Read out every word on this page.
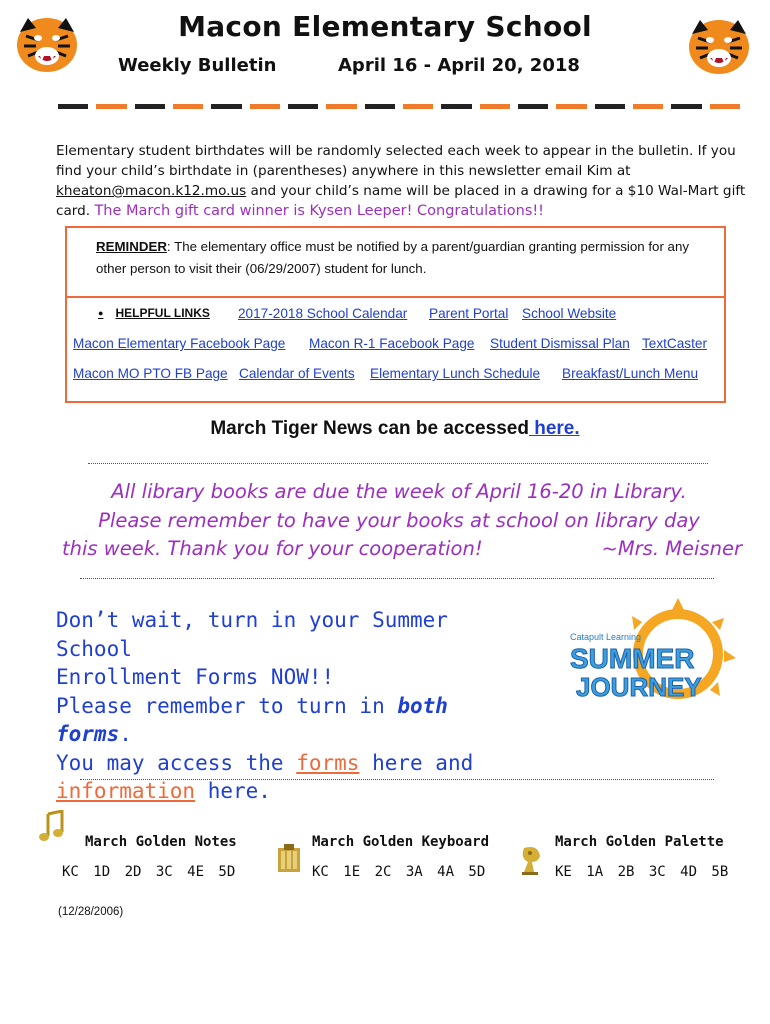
Macon Elementary School
Weekly Bulletin	April 16 - April 20, 2018
Elementary student birthdates will be randomly selected each week to appear in the bulletin. If you find your child’s birthdate in (parentheses) anywhere in this newsletter email Kim at kheaton@macon.k12.mo.us and your child’s name will be placed in a drawing for a $10 Wal-Mart gift card. The March gift card winner is Kysen Leeper! Congratulations!!
REMINDER: The elementary office must be notified by a parent/guardian granting permission for any other person to visit their (06/29/2007) student for lunch.
● HELPFUL LINKS 2017-2018 School Calendar Parent Portal School Website
Macon Elementary Facebook Page Macon R-1 Facebook Page Student Dismissal Plan TextCaster
Macon MO PTO FB Page Calendar of Events Elementary Lunch Schedule Breakfast/Lunch Menu
March Tiger News can be accessed here.
All library books are due the week of April 16-20 in Library.
Please remember to have your books at school on library day
this week. Thank you for your cooperation!	~Mrs. Meisner
Don’t wait, turn in your Summer School
Enrollment Forms NOW!!
Please remember to turn in both forms.
You may access the forms here and
information here.
Catapult Learning
SUMMER
JOURNEY
March Golden Notes
KC 1D 2D 3C 4E 5D
March Golden Keyboard
KC 1E 2C 3A 4A 5D
March Golden Palette
KE 1A 2B 3C 4D 5B
(12/28/2006)
